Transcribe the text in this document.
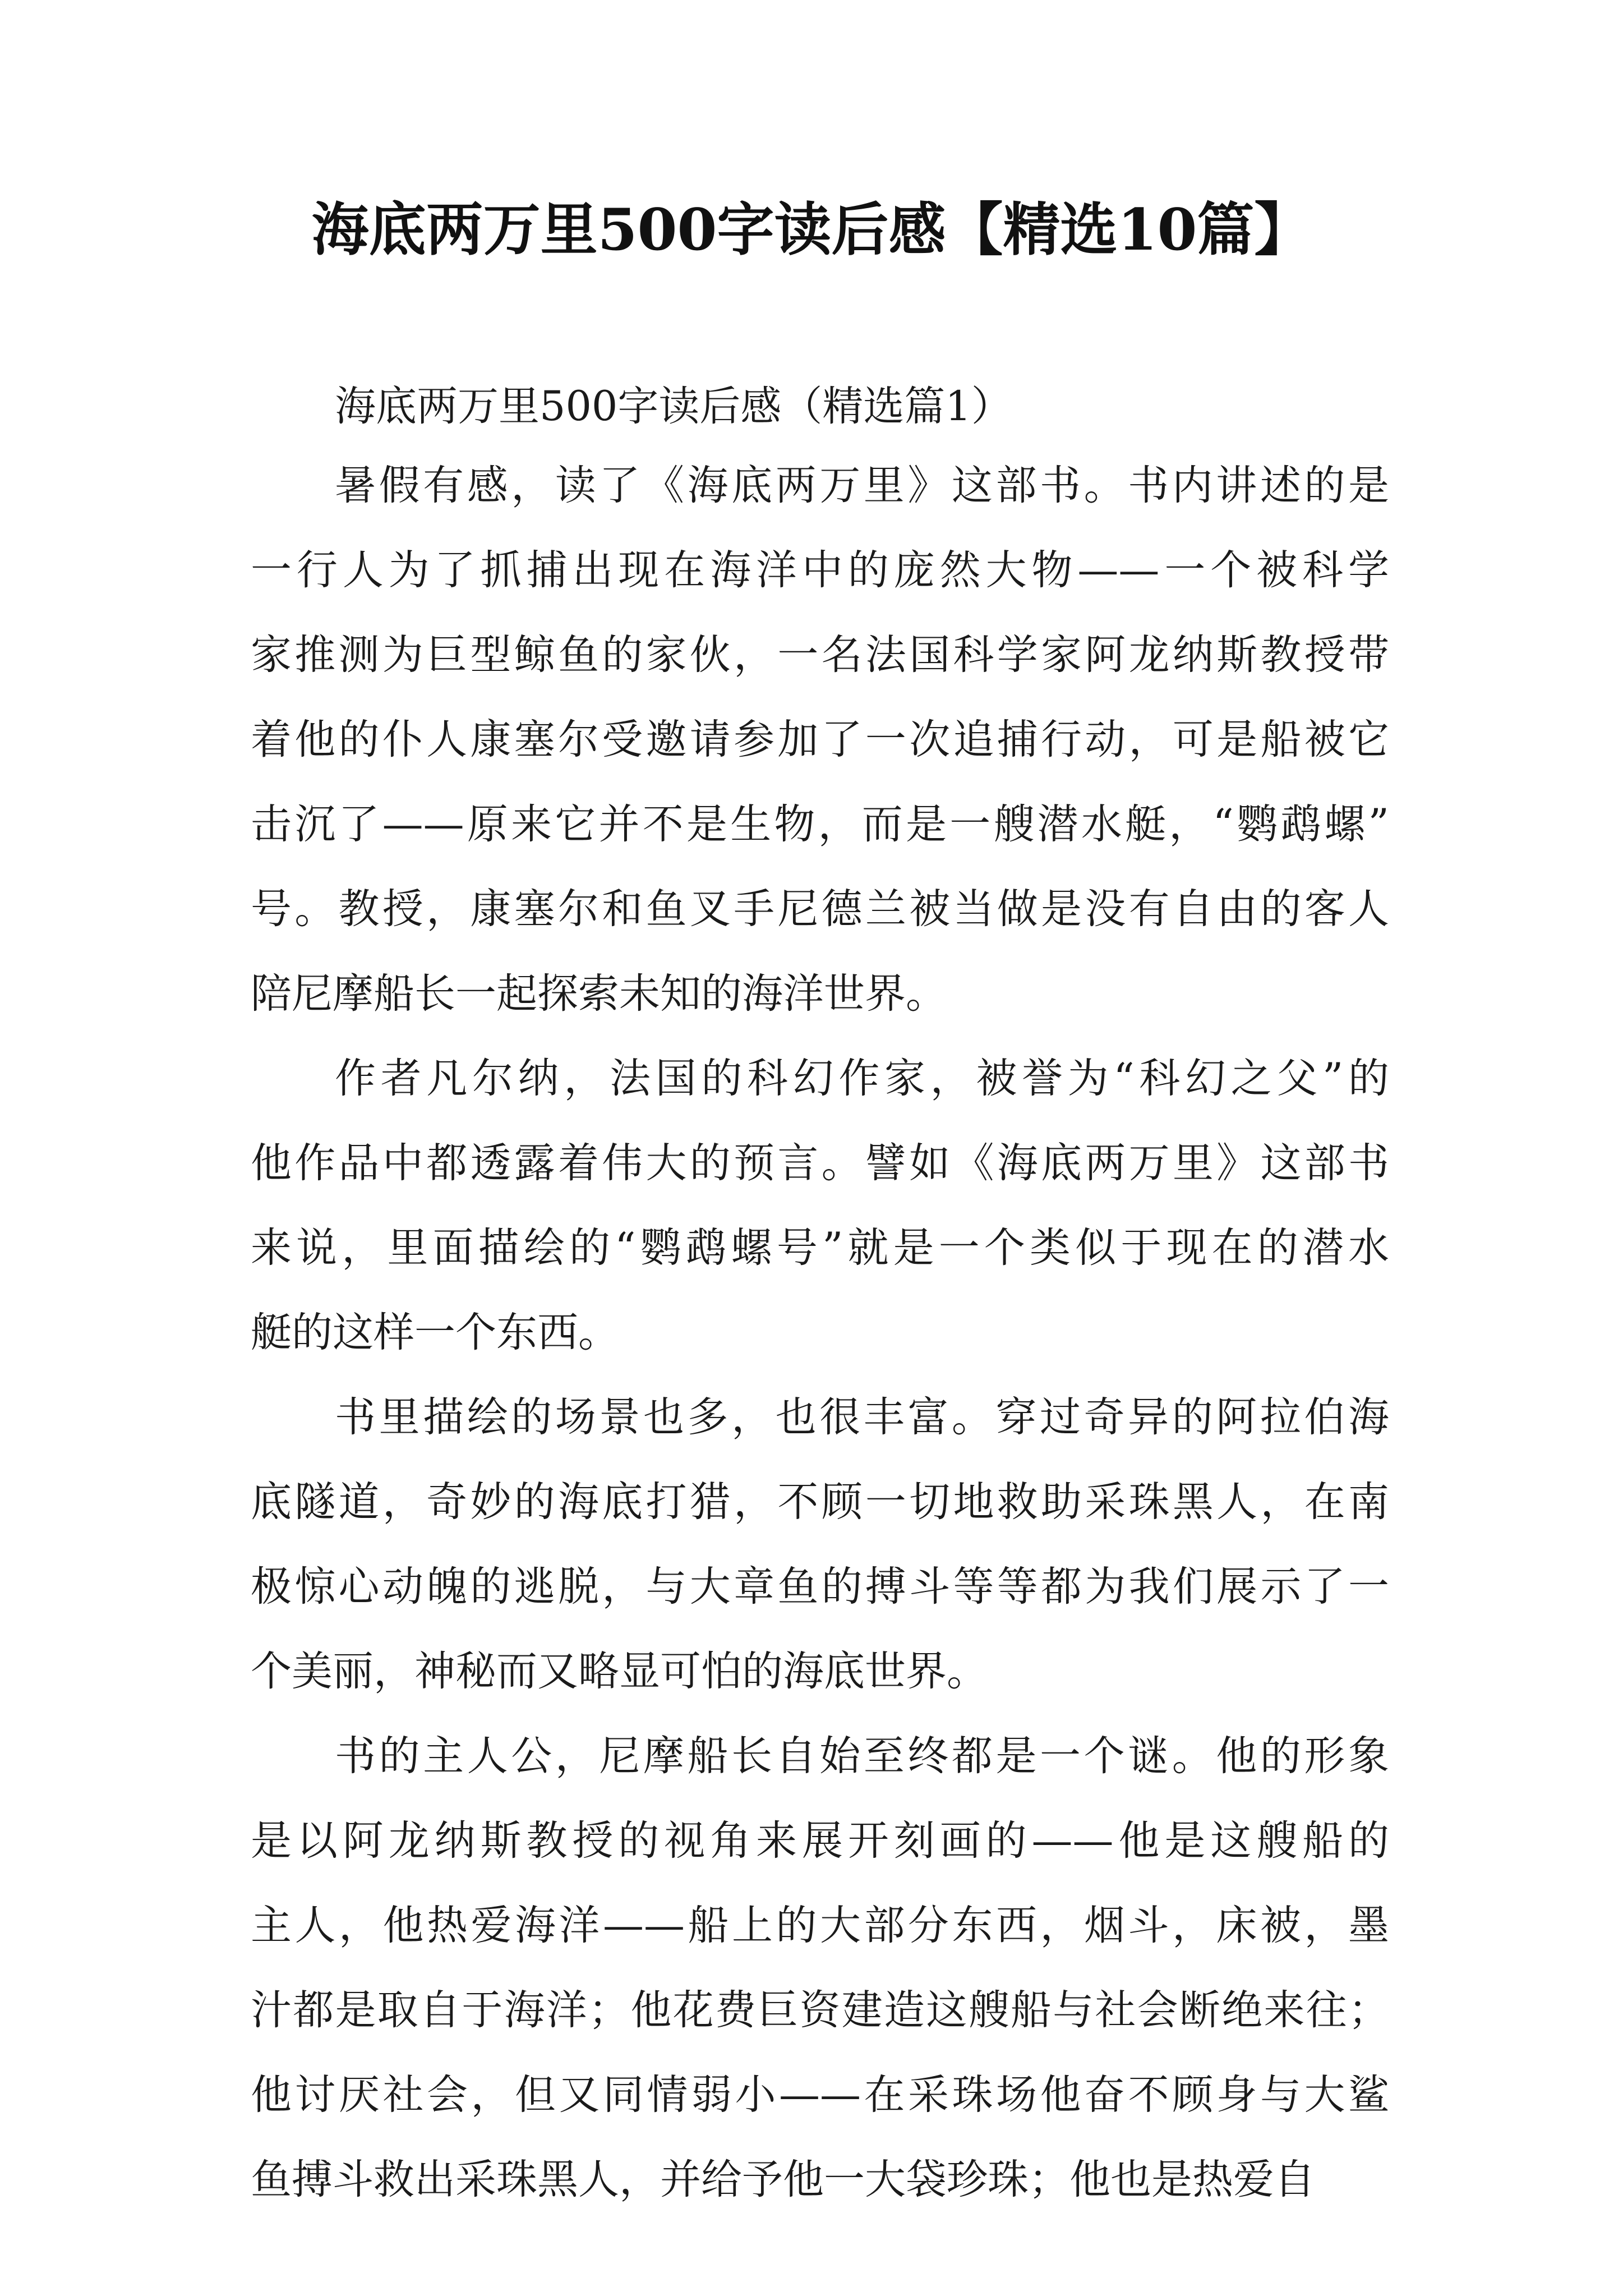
海底两万里500字读后感【精选10篇】
海底两万里500字读后感（精选篇1）
暑假有感，读了《海底两万里》这部书。书内讲述的是
一行人为了抓捕出现在海洋中的庞然大物——一个被科学
家推测为巨型鲸鱼的家伙，一名法国科学家阿龙纳斯教授带
着他的仆人康塞尔受邀请参加了一次追捕行动，可是船被它
击沉了——原来它并不是生物，而是一艘潜水艇，“鹦鹉螺”
号。教授，康塞尔和鱼叉手尼德兰被当做是没有自由的客人
陪尼摩船长一起探索未知的海洋世界。
作者凡尔纳，法国的科幻作家，被誉为“科幻之父”的
他作品中都透露着伟大的预言。譬如《海底两万里》这部书
来说，里面描绘的“鹦鹉螺号”就是一个类似于现在的潜水
艇的这样一个东西。
书里描绘的场景也多，也很丰富。穿过奇异的阿拉伯海
底隧道，奇妙的海底打猎，不顾一切地救助采珠黑人，在南
极惊心动魄的逃脱，与大章鱼的搏斗等等都为我们展示了一
个美丽，神秘而又略显可怕的海底世界。
书的主人公，尼摩船长自始至终都是一个谜。他的形象
是以阿龙纳斯教授的视角来展开刻画的——他是这艘船的
主人，他热爱海洋——船上的大部分东西，烟斗，床被，墨
汁都是取自于海洋；他花费巨资建造这艘船与社会断绝来往；
他讨厌社会，但又同情弱小——在采珠场他奋不顾身与大鲨
鱼搏斗救出采珠黑人，并给予他一大袋珍珠；他也是热爱自
